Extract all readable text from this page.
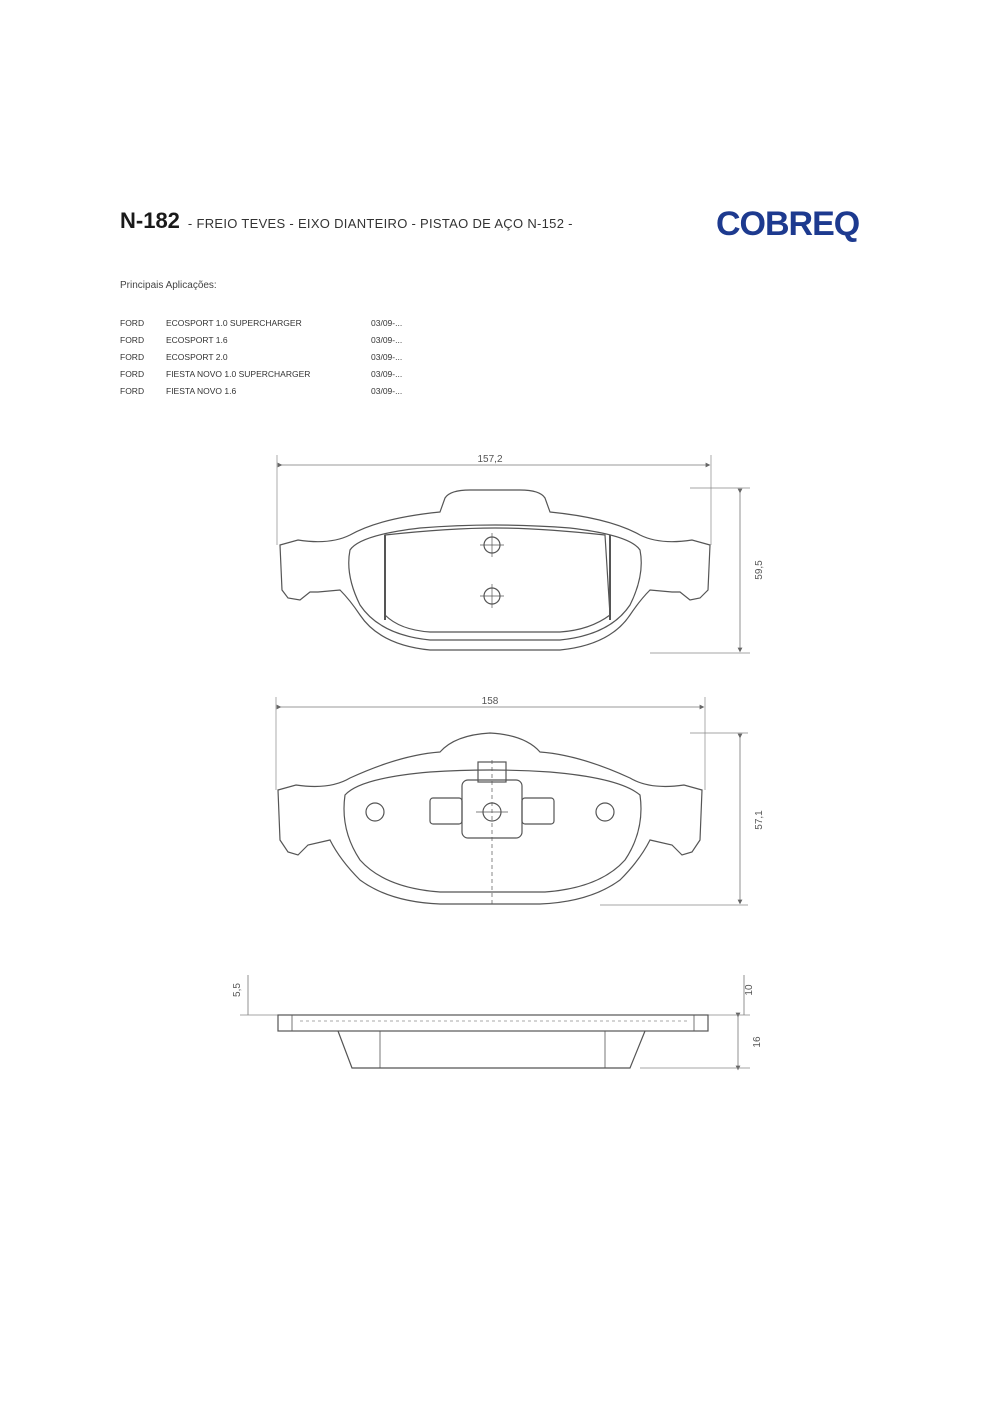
N-182 - FREIO TEVES - EIXO DIANTEIRO - PISTAO DE AÇO N-152 -	COBREQ
Principais Aplicações:
FORD	ECOSPORT 1.0 SUPERCHARGER	03/09-...
FORD	ECOSPORT 1.6	03/09-...
FORD	ECOSPORT 2.0	03/09-...
FORD	FIESTA NOVO 1.0 SUPERCHARGER	03/09-...
FORD	FIESTA NOVO 1.6	03/09-...
157,2
59,5
158
57,1
5,5	10
16
